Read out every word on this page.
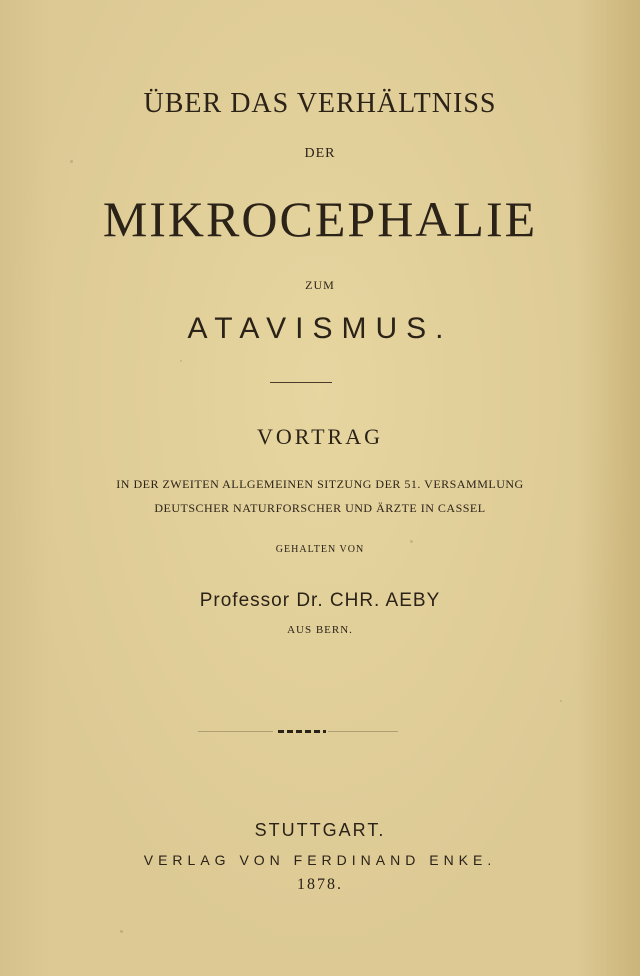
ÜBER DAS VERHÄLTNISS
DER
MIKROCEPHALIE
ZUM
ATAVISMUS.
VORTRAG
IN DER ZWEITEN ALLGEMEINEN SITZUNG DER 51. VERSAMMLUNG
DEUTSCHER NATURFORSCHER UND ÄRZTE IN CASSEL
GEHALTEN VON
Professor Dr. CHR. AEBY
AUS BERN.
STUTTGART.
VERLAG VON FERDINAND ENKE.
1878.
